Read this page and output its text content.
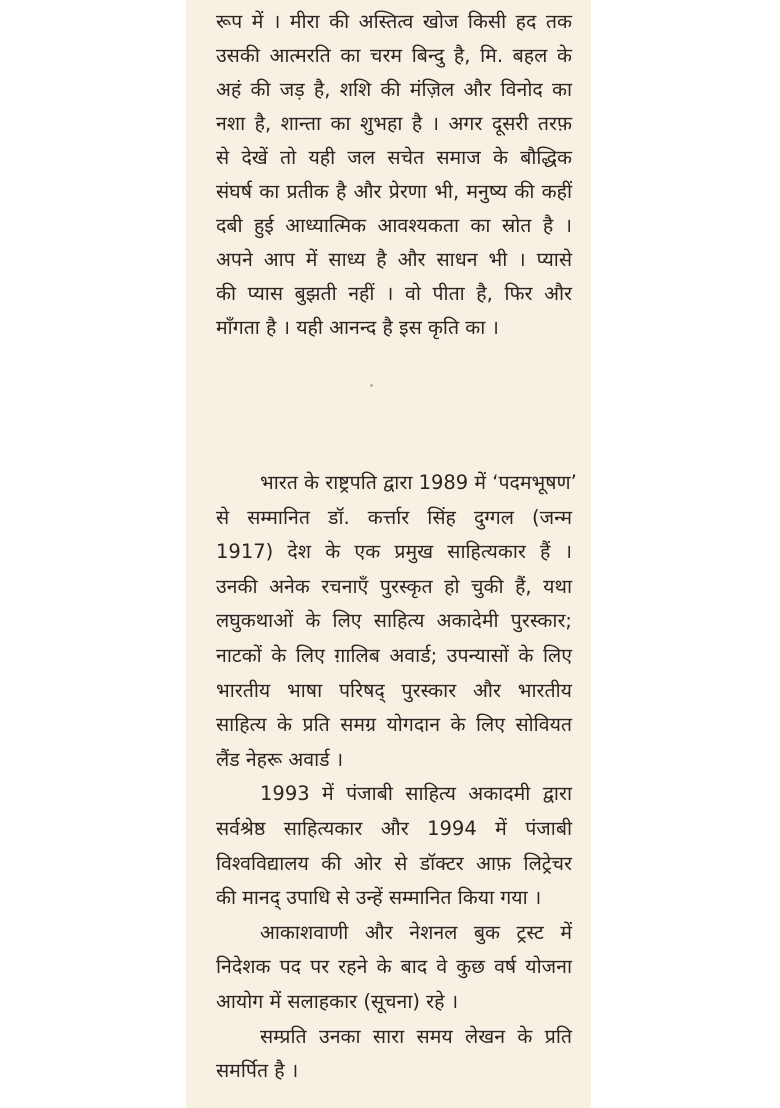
रूप में । मीरा की अस्तित्व खोज किसी हद तक
उसकी आत्मरति का चरम बिन्दु है, मि. बहल के
अहं की जड़ है, शशि की मंज़िल और विनोद का
नशा है, शान्ता का शुभहा है । अगर दूसरी तरफ़
से देखें तो यही जल सचेत समाज के बौद्धिक
संघर्ष का प्रतीक है और प्रेरणा भी, मनुष्य की कहीं
दबी हुई आध्यात्मिक आवश्यकता का स्रोत है ।
अपने आप में साध्य है और साधन भी । प्यासे
की प्यास बुझती नहीं । वो पीता है, फिर और
माँगता है । यही आनन्द है इस कृति का ।
भारत के राष्ट्रपति द्वारा 1989 में ‘पदमभूषण’
से सम्मानित डॉ. कर्त्तार सिंह दुग्गल (जन्म
1917) देश के एक प्रमुख साहित्यकार हैं ।
उनकी अनेक रचनाएँ पुरस्कृत हो चुकी हैं, यथा
लघुकथाओं के लिए साहित्य अकादेमी पुरस्कार;
नाटकों के लिए ग़ालिब अवार्ड; उपन्यासों के लिए
भारतीय भाषा परिषद् पुरस्कार और भारतीय
साहित्य के प्रति समग्र योगदान के लिए सोवियत
लैंड नेहरू अवार्ड ।
1993 में पंजाबी साहित्य अकादमी द्वारा
सर्वश्रेष्ठ साहित्यकार और 1994 में पंजाबी
विश्वविद्यालय की ओर से डॉक्टर आफ़ लिट्रेचर
की मानद् उपाधि से उन्हें सम्मानित किया गया ।
आकाशवाणी और नेशनल बुक ट्रस्ट में
निदेशक पद पर रहने के बाद वे कुछ वर्ष योजना
आयोग में सलाहकार (सूचना) रहे ।
सम्प्रति उनका सारा समय लेखन के प्रति
समर्पित है ।
